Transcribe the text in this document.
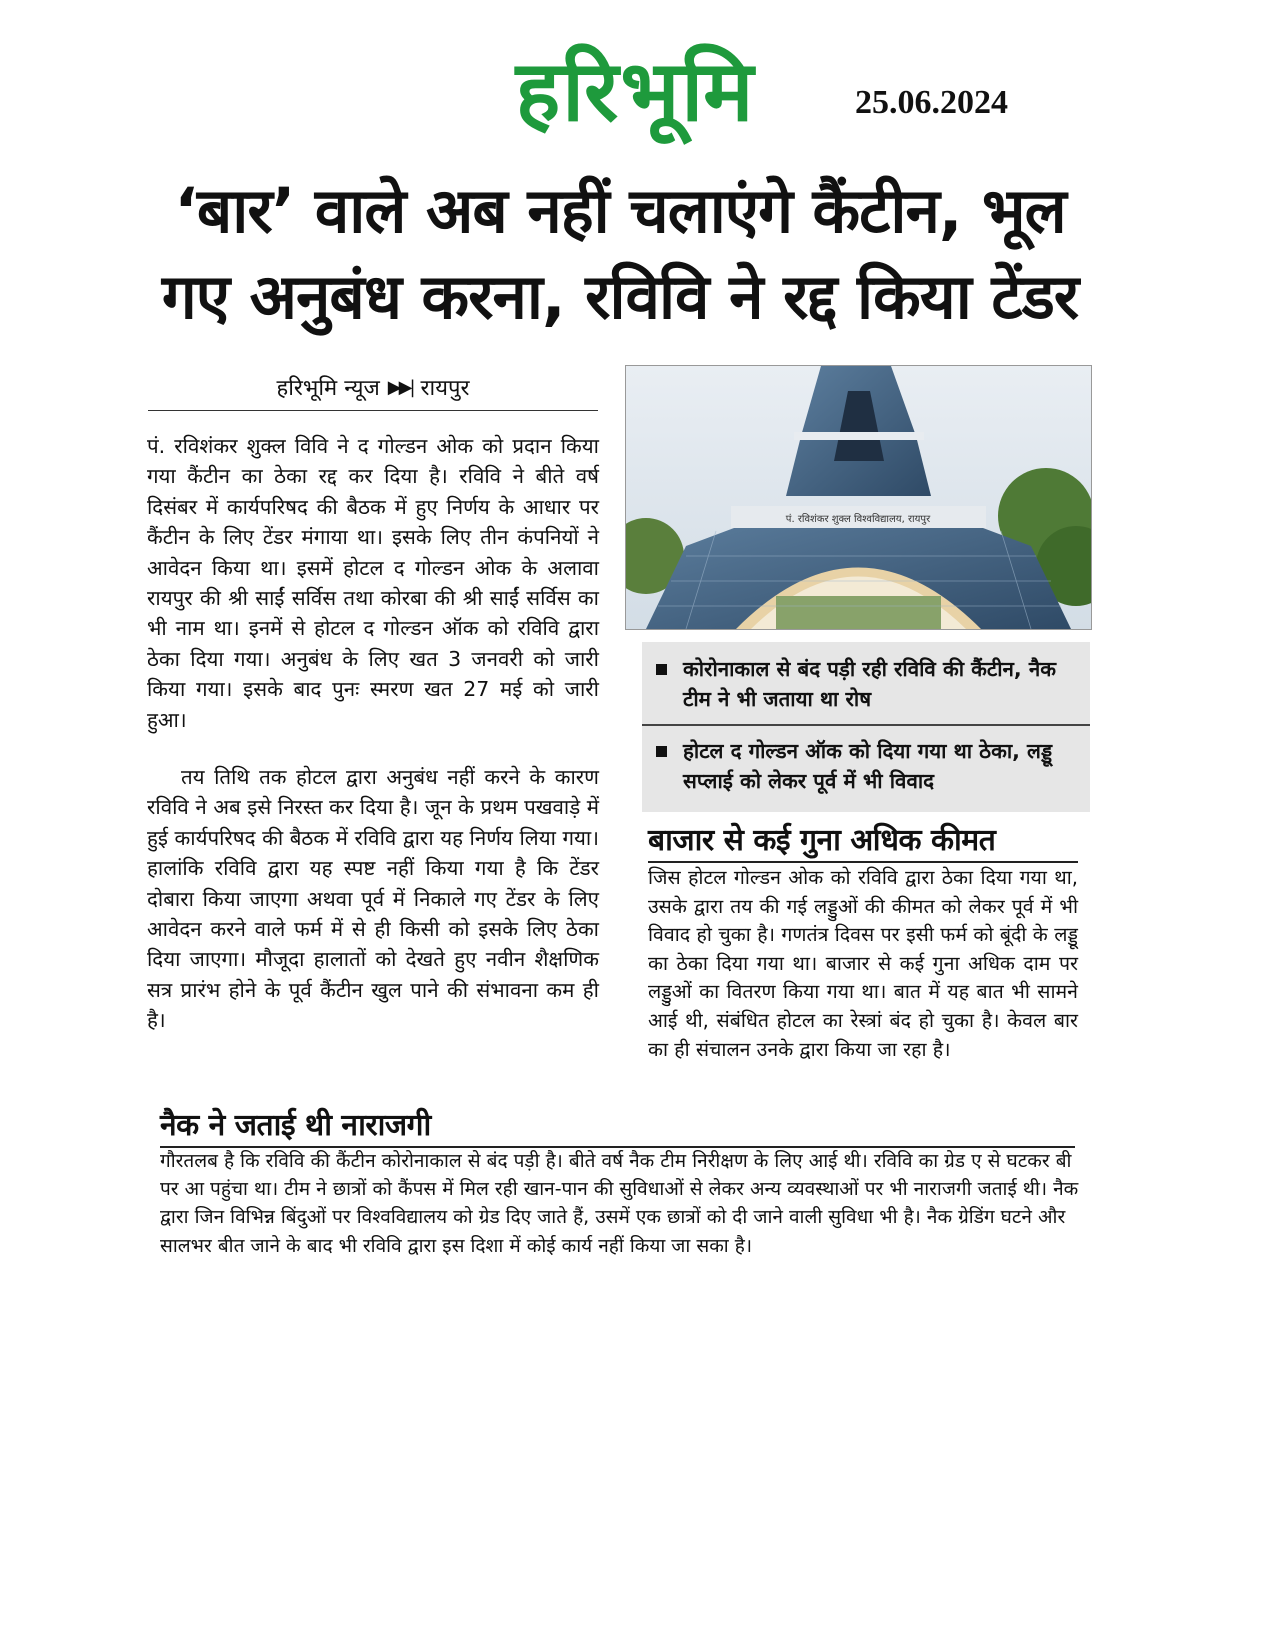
हरिभूमि	25.06.2024
‘बार’ वाले अब नहीं चलाएंगे कैंटीन, भूल गए अनुबंध करना, रविवि ने रद्द किया टेंडर
हरिभूमि न्यूज ▶▶| रायपुर

पं. रविशंकर शुक्ल विवि ने द गोल्डन ओक को प्रदान किया गया कैंटीन का ठेका रद्द कर दिया है। रविवि ने बीते वर्ष दिसंबर में कार्यपरिषद की बैठक में हुए निर्णय के आधार पर कैंटीन के लिए टेंडर मंगाया था। इसके लिए तीन कंपनियों ने आवेदन किया था। इसमें होटल द गोल्डन ओक के अलावा रायपुर की श्री साईं सर्विस तथा कोरबा की श्री साईं सर्विस का भी नाम था। इनमें से होटल द गोल्डन ऑक को रविवि द्वारा ठेका दिया गया। अनुबंध के लिए खत 3 जनवरी को जारी किया गया। इसके बाद पुनः स्मरण खत 27 मई को जारी हुआ।

तय तिथि तक होटल द्वारा अनुबंध नहीं करने के कारण रविवि ने अब इसे निरस्त कर दिया है। जून के प्रथम पखवाड़े में हुई कार्यपरिषद की बैठक में रविवि द्वारा यह निर्णय लिया गया। हालांकि रविवि द्वारा यह स्पष्ट नहीं किया गया है कि टेंडर दोबारा किया जाएगा अथवा पूर्व में निकाले गए टेंडर के लिए आवेदन करने वाले फर्म में से ही किसी को इसके लिए ठेका दिया जाएगा। मौजूदा हालातों को देखते हुए नवीन शैक्षणिक सत्र प्रारंभ होने के पूर्व कैंटीन खुल पाने की संभावना कम ही है।

पं. रविशंकर शुक्ल विश्वविद्यालय, रायपुर
कोरोनाकाल से बंद पड़ी रही रविवि की कैंटीन, नैक टीम ने भी जताया था रोष
होटल द गोल्डन ऑक को दिया गया था ठेका, लड्डू सप्लाई को लेकर पूर्व में भी विवाद
बाजार से कई गुना अधिक कीमत

जिस होटल गोल्डन ओक को रविवि द्वारा ठेका दिया गया था, उसके द्वारा तय की गई लड्डुओं की कीमत को लेकर पूर्व में भी विवाद हो चुका है। गणतंत्र दिवस पर इसी फर्म को बूंदी के लड्डू का ठेका दिया गया था। बाजार से कई गुना अधिक दाम पर लड्डुओं का वितरण किया गया था। बात में यह बात भी सामने आई थी, संबंधित होटल का रेस्त्रां बंद हो चुका है। केवल बार का ही संचालन उनके द्वारा किया जा रहा है।

नैक ने जताई थी नाराजगी

गौरतलब है कि रविवि की कैंटीन कोरोनाकाल से बंद पड़ी है। बीते वर्ष नैक टीम निरीक्षण के लिए आई थी। रविवि का ग्रेड ए से घटकर बी पर आ पहुंचा था। टीम ने छात्रों को कैंपस में मिल रही खान-पान की सुविधाओं से लेकर अन्य व्यवस्थाओं पर भी नाराजगी जताई थी। नैक द्वारा जिन विभिन्न बिंदुओं पर विश्वविद्यालय को ग्रेड दिए जाते हैं, उसमें एक छात्रों को दी जाने वाली सुविधा भी है। नैक ग्रेडिंग घटने और सालभर बीत जाने के बाद भी रविवि द्वारा इस दिशा में कोई कार्य नहीं किया जा सका है।
